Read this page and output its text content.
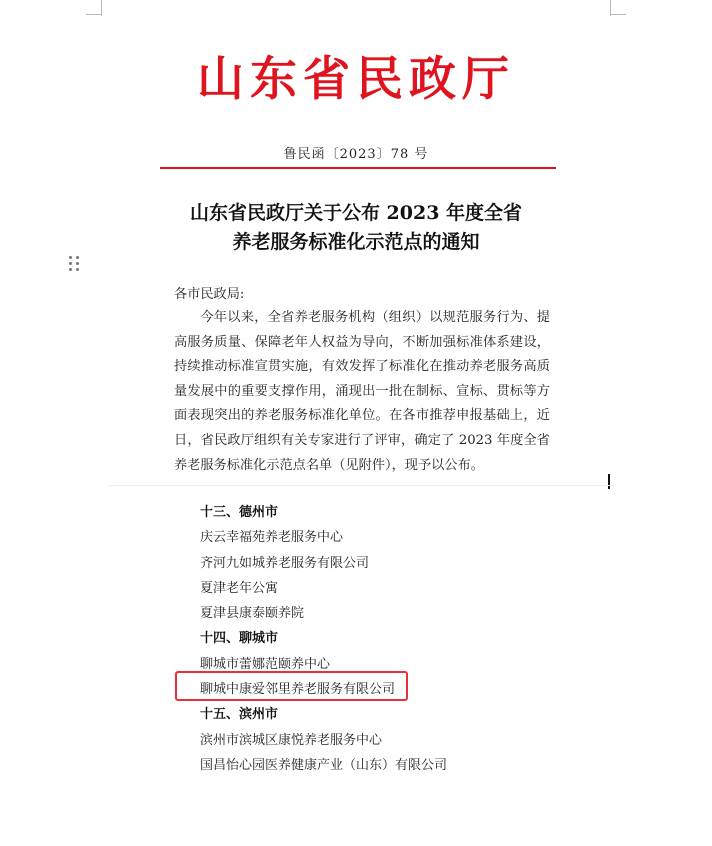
山东省民政厅
鲁民函〔2023〕78 号
山东省民政厅关于公布 2023 年度全省
养老服务标准化示范点的通知
各市民政局:

今年以来，全省养老服务机构（组织）以规范服务行为、提高服务质量、保障老年人权益为导向，不断加强标准体系建设，持续推动标准宣贯实施，有效发挥了标准化在推动养老服务高质量发展中的重要支撑作用，涌现出一批在制标、宣标、贯标等方面表现突出的养老服务标准化单位。在各市推荐申报基础上，近日，省民政厅组织有关专家进行了评审，确定了 2023 年度全省养老服务标准化示范点名单（见附件），现予以公布。

十三、德州市
庆云幸福苑养老服务中心
齐河九如城养老服务有限公司
夏津老年公寓
夏津县康泰颐养院
十四、聊城市
聊城市蕾娜范颐养中心
聊城中康爱邻里养老服务有限公司
十五、滨州市
滨州市滨城区康悦养老服务中心
国昌怡心园医养健康产业（山东）有限公司
